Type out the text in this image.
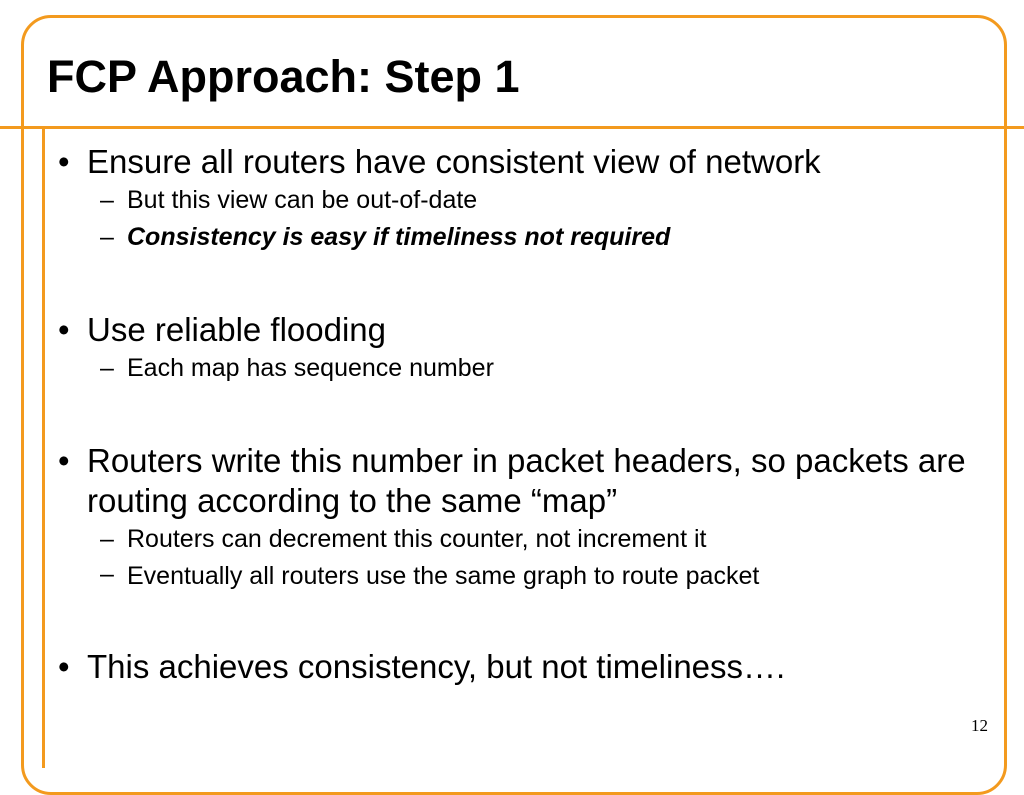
FCP Approach: Step 1
• Ensure all routers have consistent view of network
– But this view can be out-of-date
– Consistency is easy if timeliness not required
• Use reliable flooding
– Each map has sequence number
• Routers write this number in packet headers, so packets are routing according to the same “map”
– Routers can decrement this counter, not increment it
– Eventually all routers use the same graph to route packet
• This achieves consistency, but not timeliness….
12
